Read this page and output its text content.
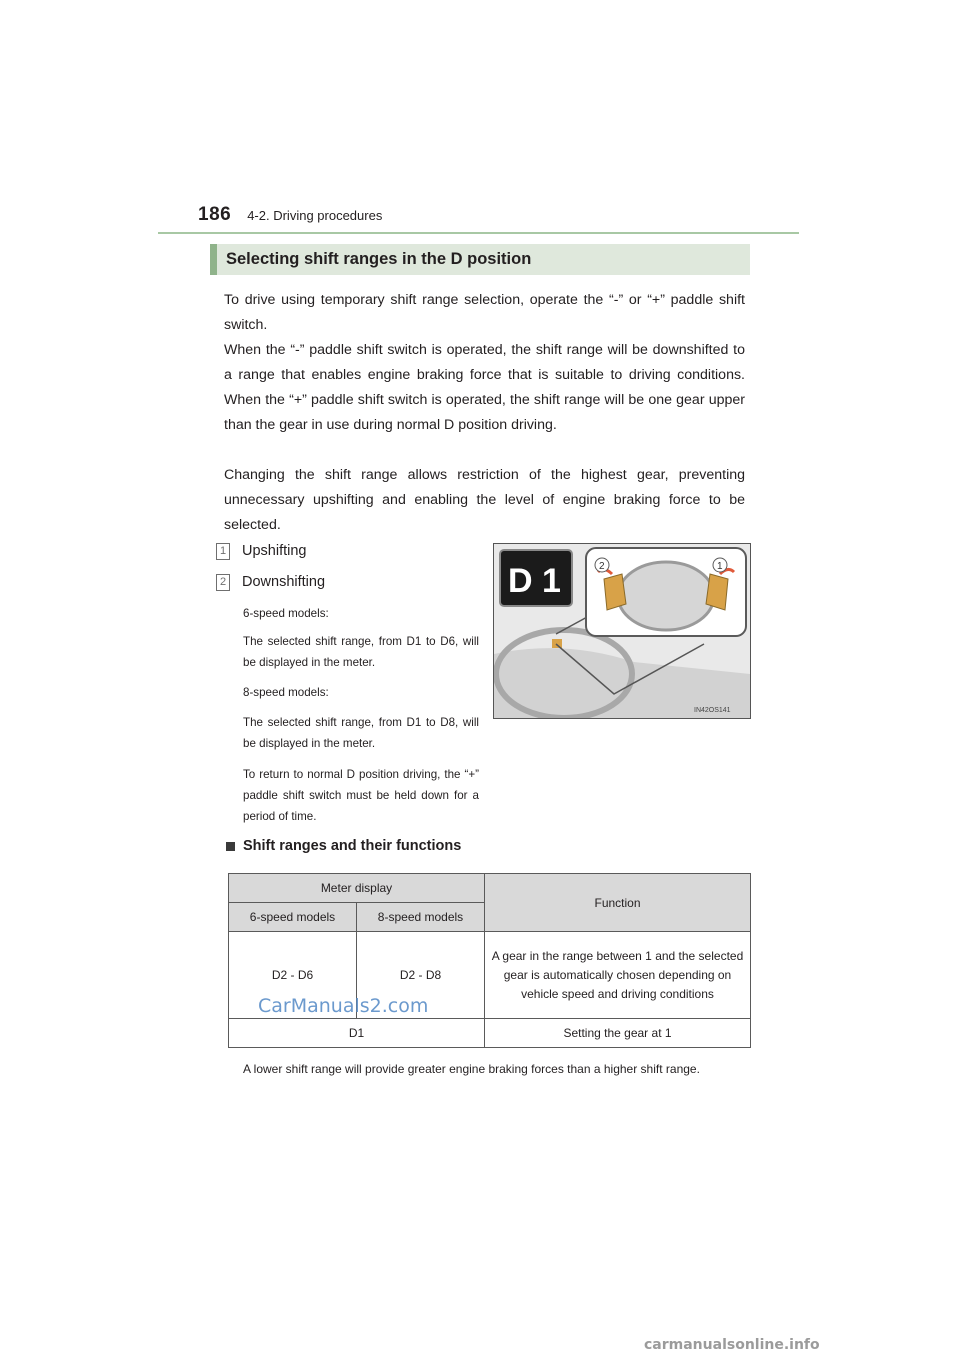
186 4-2. Driving procedures
Selecting shift ranges in the D position
To drive using temporary shift range selection, operate the “-” or “+” paddle shift switch.
When the “-” paddle shift switch is operated, the shift range will be downshifted to a range that enables engine braking force that is suitable to driving conditions. When the “+” paddle shift switch is operated, the shift range will be one gear upper than the gear in use during normal D position driving.
Changing the shift range allows restriction of the highest gear, preventing unnecessary upshifting and enabling the level of engine braking force to be selected.
1 Upshifting
2 Downshifting
6-speed models:
The selected shift range, from D1 to D6, will be displayed in the meter.
8-speed models:
The selected shift range, from D1 to D8, will be displayed in the meter.
To return to normal D position driving, the “+” paddle shift switch must be held down for a period of time.
2	1
D 1
IN42OS141
Shift ranges and their functions
Meter display		Function
6-speed models	8-speed models	
D2 - D6	D2 - D8	A gear in the range between 1 and the selected gear is automatically chosen depending on vehicle speed and driving conditions
D1		Setting the gear at 1
A lower shift range will provide greater engine braking forces than a higher shift range.
CarManuals2.com
carmanualsonline.info
